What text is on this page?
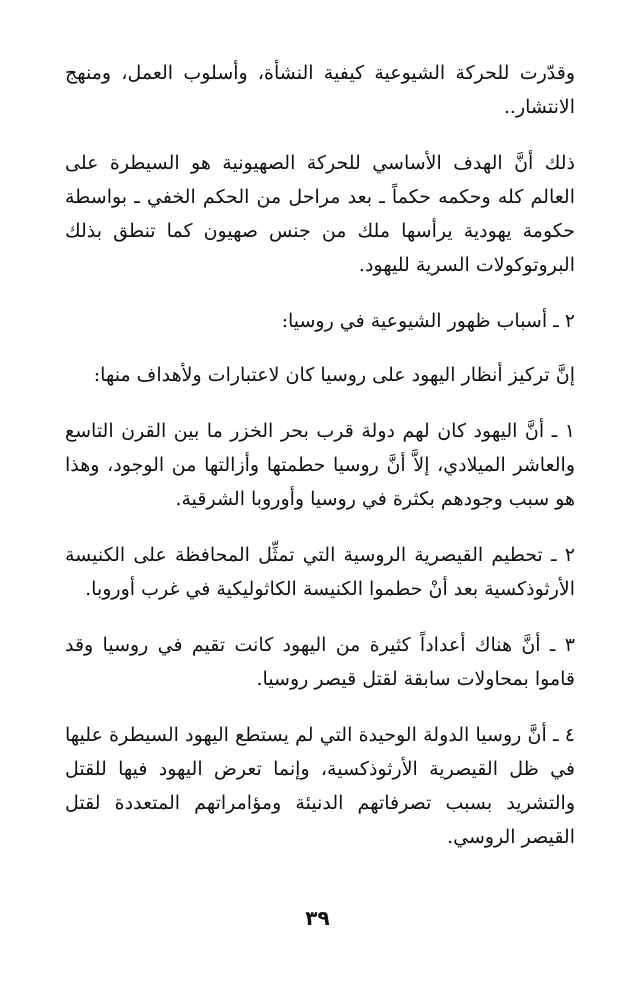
وقدّرت للحركة الشيوعية كيفية النشأة، وأسلوب العمل، ومنهج الانتشار..

ذلك أنَّ الهدف الأساسي للحركة الصهيونية هو السيطرة على العالم كله وحكمه حكماً ـ بعد مراحل من الحكم الخفي ـ بواسطة حكومة يهودية يرأسها ملك من جنس صهيون كما تنطق بذلك البروتوكولات السرية لليهود.

٢ ـ أسباب ظهور الشيوعية في روسيا:

إنَّ تركيز أنظار اليهود على روسيا كان لاعتبارات ولأهداف منها:

١ ـ أنَّ اليهود كان لهم دولة قرب بحر الخزر ما بين القرن التاسع والعاشر الميلادي، إلاَّ أنَّ روسيا حطمتها وأزالتها من الوجود، وهذا هو سبب وجودهم بكثرة في روسيا وأوروبا الشرقية.

٢ ـ تحطيم القيصرية الروسية التي تمثِّل المحافظة على الكنيسة الأرثوذكسية بعد أنْ حطموا الكنيسة الكاثوليكية في غرب أوروبا.

٣ ـ أنَّ هناك أعداداً كثيرة من اليهود كانت تقيم في روسيا وقد قاموا بمحاولات سابقة لقتل قيصر روسيا.

٤ ـ أنَّ روسيا الدولة الوحيدة التي لم يستطع اليهود السيطرة عليها في ظل القيصرية الأرثوذكسية، وإنما تعرض اليهود فيها للقتل والتشريد بسبب تصرفاتهم الدنيئة ومؤامراتهم المتعددة لقتل القيصر الروسي.

٣٩
